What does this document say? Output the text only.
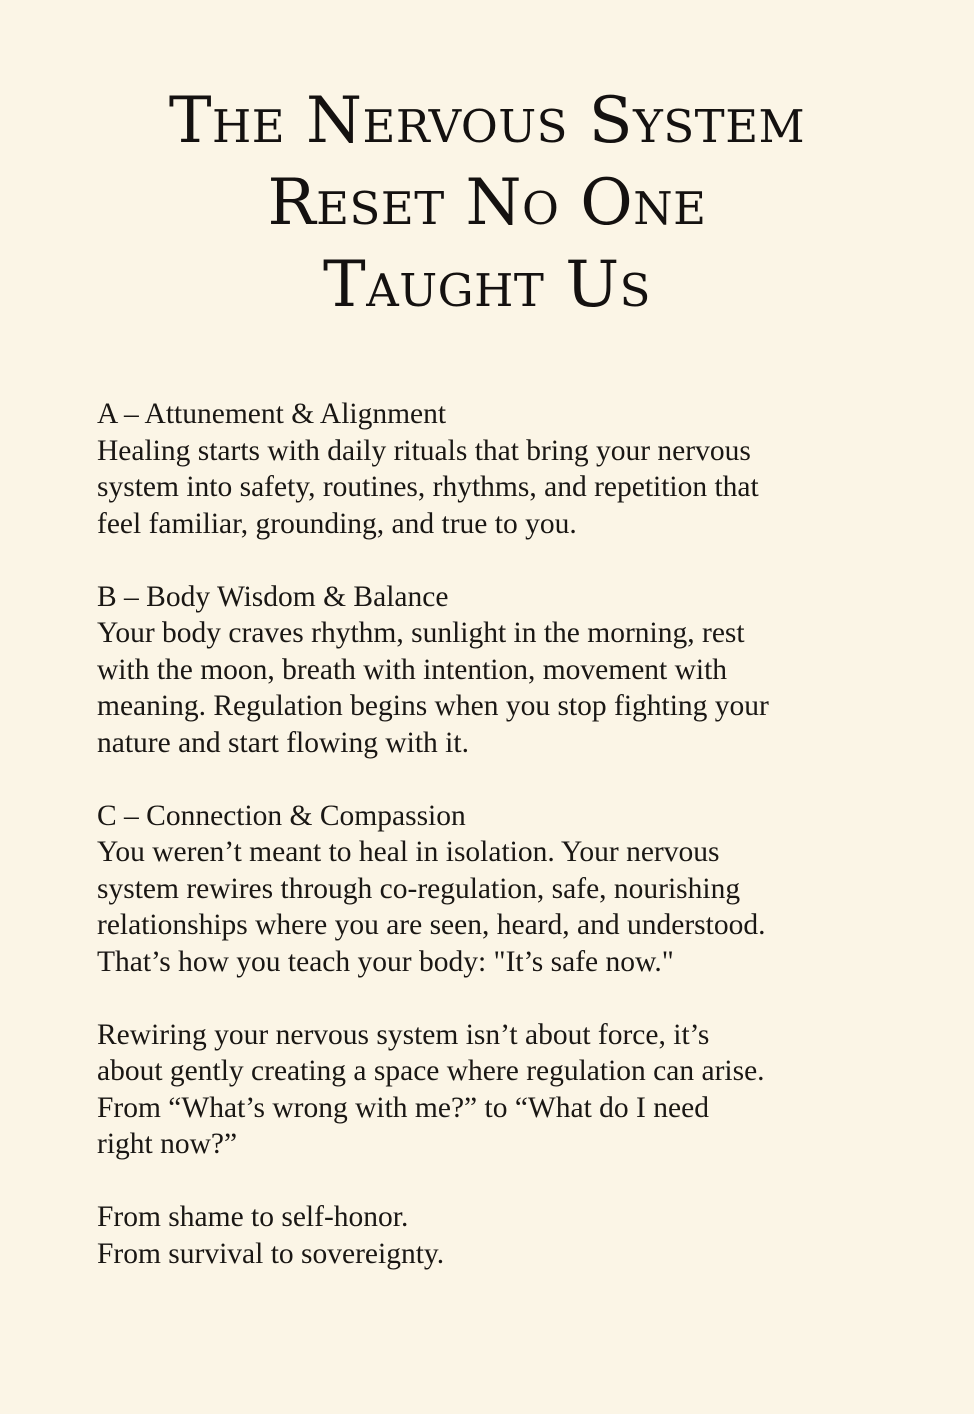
The Nervous System
Reset No One
Taught Us
A – Attunement & Alignment
Healing starts with daily rituals that bring your nervous
system into safety, routines, rhythms, and repetition that
feel familiar, grounding, and true to you.
B – Body Wisdom & Balance
Your body craves rhythm, sunlight in the morning, rest
with the moon, breath with intention, movement with
meaning. Regulation begins when you stop fighting your
nature and start flowing with it.
C – Connection & Compassion
You weren’t meant to heal in isolation. Your nervous
system rewires through co-regulation, safe, nourishing
relationships where you are seen, heard, and understood.
That’s how you teach your body: "It’s safe now."
Rewiring your nervous system isn’t about force, it’s
about gently creating a space where regulation can arise.
From “What’s wrong with me?” to “What do I need
right now?”
From shame to self-honor.
From survival to sovereignty.
